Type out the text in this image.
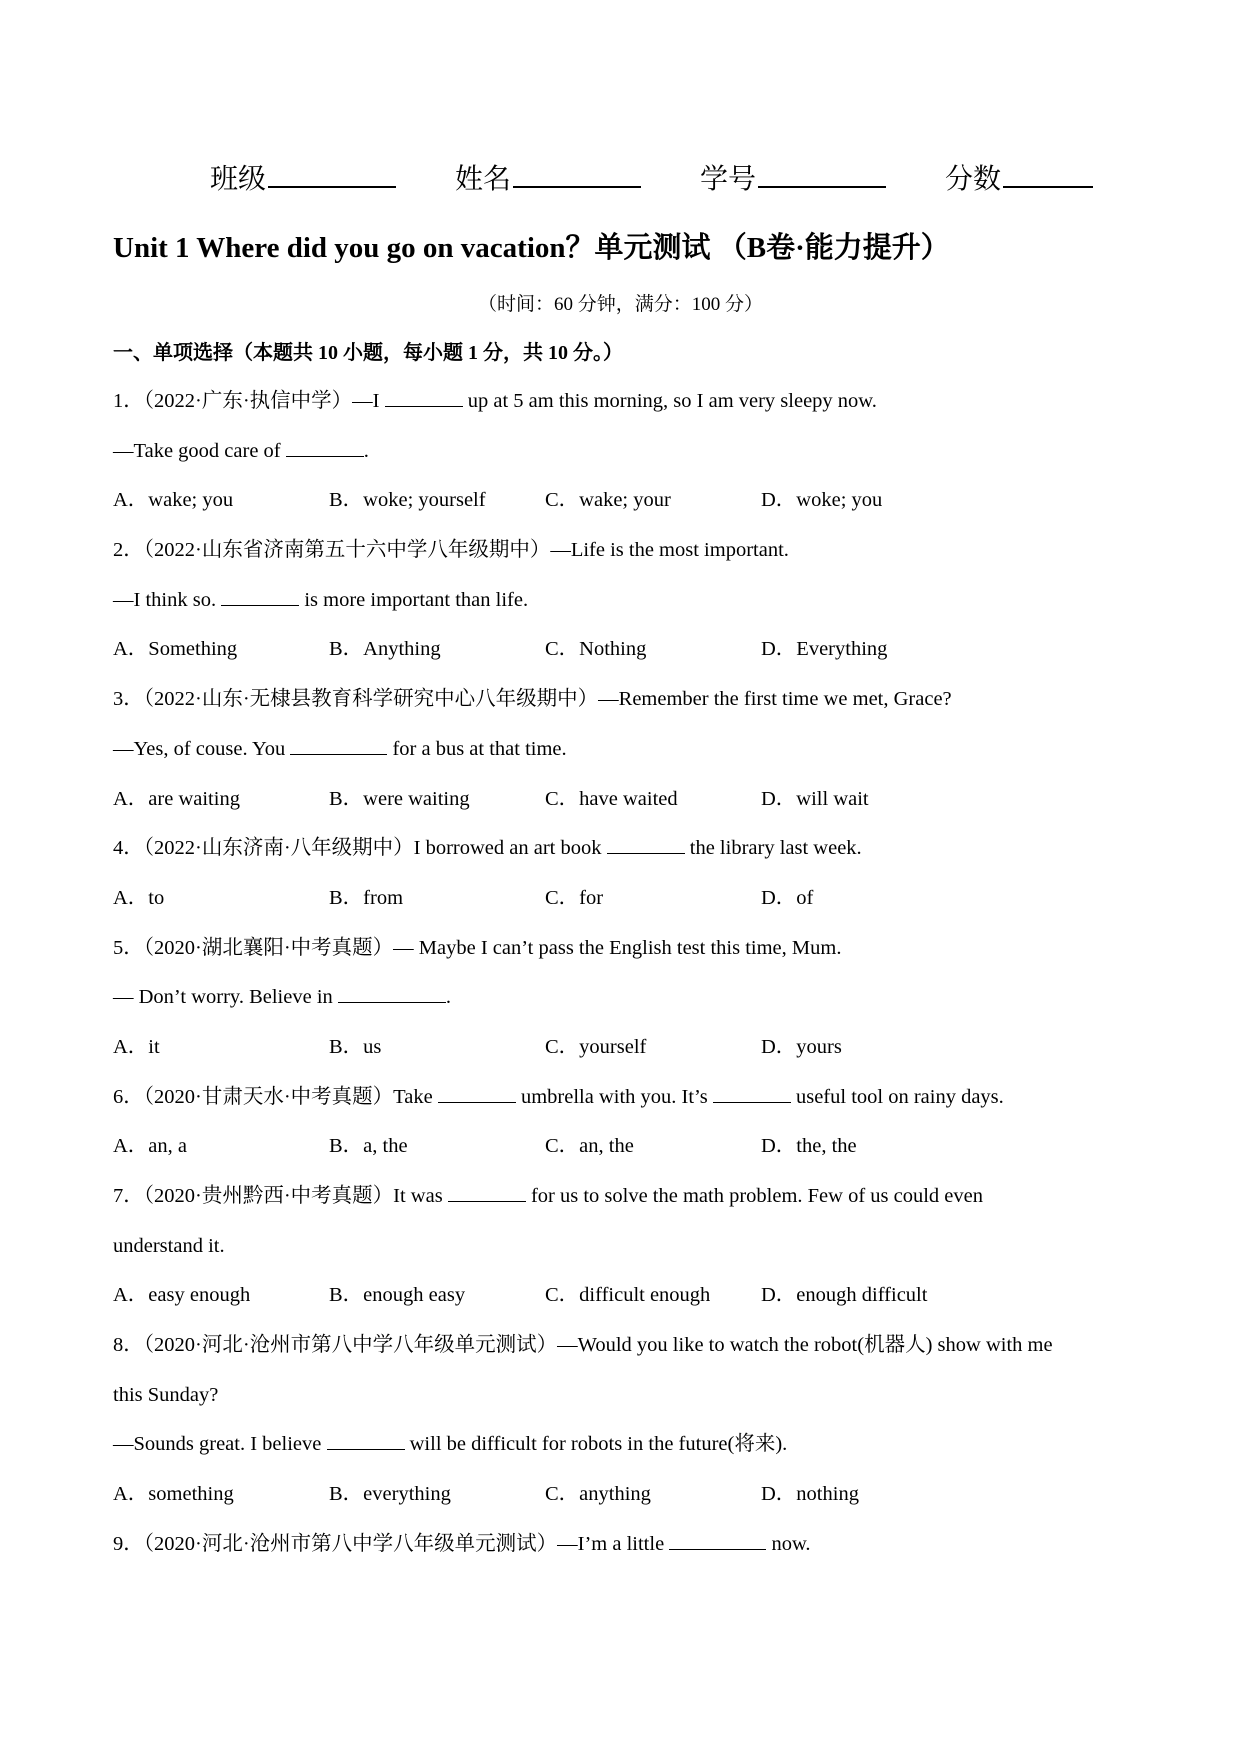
班级	姓名	学号	分数
Unit 1 Where did you go on vacation？单元测试 （B卷·能力提升）
（时间：60 分钟，满分：100 分）
一、单项选择（本题共 10 小题，每小题 1 分，共 10 分。）
1．（2022·广东·执信中学）—I	up at 5 am this morning, so I am very sleepy now.
—Take good care of	.
A．wake; you	B．woke; yourself	C．wake; your	D．woke; you
2．（2022·山东省济南第五十六中学八年级期中）—Life is the most important.
—I think so.	is more important than life.
A．Something	B．Anything	C．Nothing	D．Everything
3．（2022·山东·无棣县教育科学研究中心八年级期中）—Remember the first time we met, Grace?
—Yes, of couse. You	for a bus at that time.
A．are waiting	B．were waiting	C．have waited	D．will wait
4．（2022·山东济南·八年级期中）I borrowed an art book	the library last week.
A．to	B．from	C．for	D．of
5．（2020·湖北襄阳·中考真题）— Maybe I can’t pass the English test this time, Mum.
— Don’t worry. Believe in	.
A．it	B．us	C．yourself	D．yours
6．（2020·甘肃天水·中考真题）Take	umbrella with you. It’s	useful tool on rainy days.
A．an, a	B．a, the	C．an, the	D．the, the
7．（2020·贵州黔西·中考真题）It was	for us to solve the math problem. Few of us could even
understand it.
A．easy enough	B．enough easy	C．difficult enough	D．enough difficult
8．（2020·河北·沧州市第八中学八年级单元测试）—Would you like to watch the robot(机器人) show with me
this Sunday?
—Sounds great. I believe	will be difficult for robots in the future(将来).
A．something	B．everything	C．anything	D．nothing
9．（2020·河北·沧州市第八中学八年级单元测试）—I’m a little	now.
